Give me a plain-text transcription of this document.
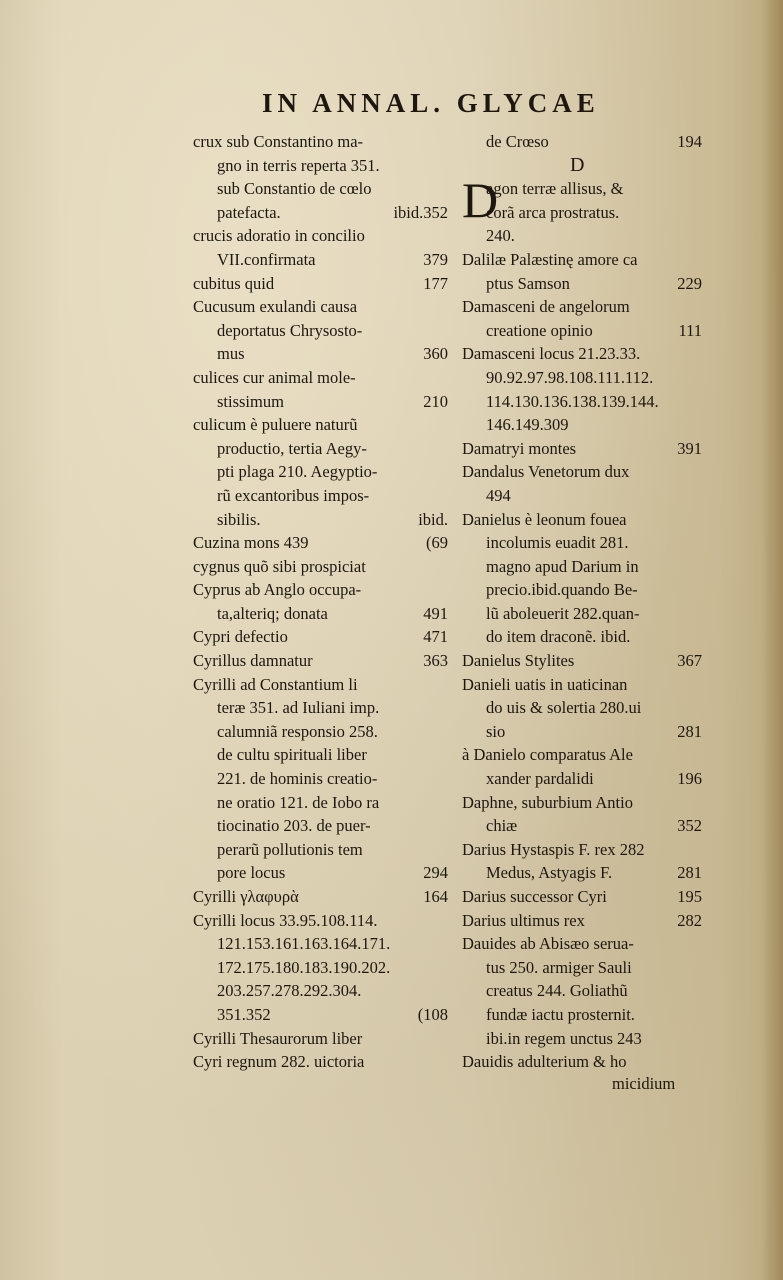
IN ANNAL. GLYCAE
crux sub Constantino ma-
gno in terris reperta 351.
sub Constantio de cœlo
patefacta.	ibid.352
crucis adoratio in concilio
VII.confirmata	379
cubitus quid	177
Cucusum exulandi causa
deportatus Chrysosto-
mus	360
culices cur animal mole-
stissimum	210
culicum è puluere naturũ
productio, tertia Aegy-
pti plaga 210. Aegyptio-
rũ excantoribus impos-
sibilis.	ibid.
Cuzina mons 439	(69
cygnus quõ sibi prospiciat
Cyprus ab Anglo occupa-
ta,alteriq; donata	491
Cypri defectio	471
Cyrillus damnatur	363
Cyrilli ad Constantium li
teræ 351. ad Iuliani imp.
calumniã responsio 258.
de cultu spirituali liber
221. de hominis creatio-
ne oratio 121. de Iobo ra
tiocinatio 203. de puer-
perarũ pollutionis tem
pore locus	294
Cyrilli γλαφυρὰ	164
Cyrilli locus 33.95.108.114.
121.153.161.163.164.171.
172.175.180.183.190.202.
203.257.278.292.304.
351.352	(108
Cyrilli Thesaurorum liber
Cyri regnum 282. uictoria
de Crœso	194
agon terræ allisus, &
corã arca prostratus.
240.
Dalilæ Palæstinę amore ca
ptus Samson	229
Damasceni de angelorum
creatione opinio	111
Damasceni locus 21.23.33.
90.92.97.98.108.111.112.
114.130.136.138.139.144.
146.149.309
Damatryi montes	391
Dandalus Venetorum dux
494
Danielus è leonum fouea
incolumis euadit 281.
magno apud Darium in
precio.ibid.quando Be-
lũ aboleuerit 282.quan-
do item draconẽ. ibid.
Danielus Stylites	367
Danieli uatis in uaticinan
do uis & solertia 280.ui
sio	281
à Danielo comparatus Ale
xander pardalidi	196
Daphne, suburbium Antio
chiæ	352
Darius Hystaspis F. rex 282
Medus, Astyagis F.	281
Darius successor Cyri	195
Darius ultimus rex	282
Dauides ab Abisæo serua-
tus 250. armiger Sauli
creatus 244. Goliathũ
fundæ iactu prosternit.
ibi.in regem unctus 243
Dauidis adulterium & ho
D
D
micidium
